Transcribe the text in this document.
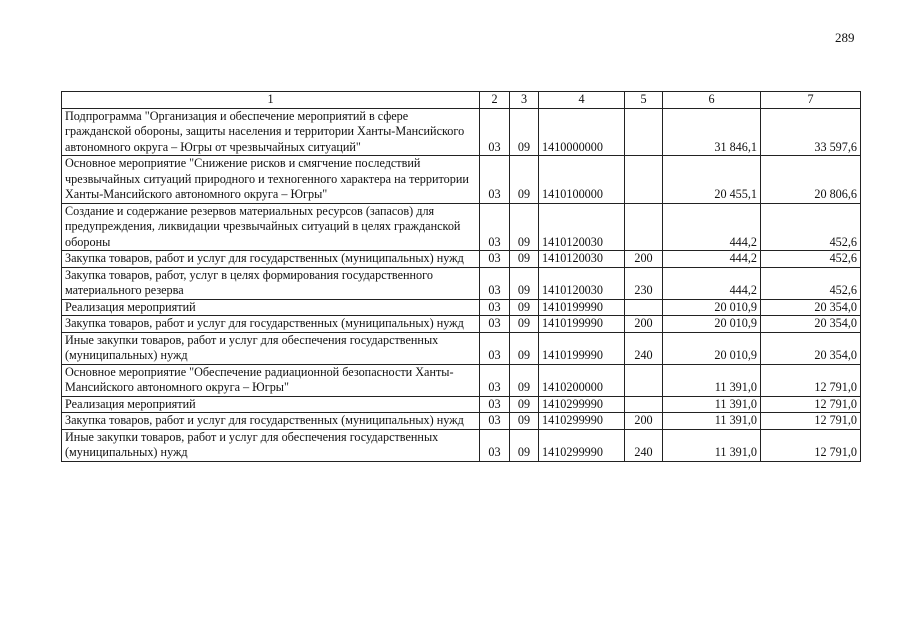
289
1	2	3	4	5	6	7
Подпрограмма "Организация и обеспечение мероприятий в сфере гражданской обороны, защиты населения и территории Ханты-Мансийского автономного округа – Югры от чрезвычайных ситуаций"	03	09	1410000000		31 846,1	33 597,6
Основное мероприятие "Снижение рисков и смягчение последствий чрезвычайных ситуаций природного и техногенного характера на территории Ханты-Мансийского автономного округа – Югры"	03	09	1410100000		20 455,1	20 806,6
Создание и содержание резервов материальных ресурсов (запасов) для предупреждения, ликвидации чрезвычайных ситуаций в целях гражданской обороны	03	09	1410120030		444,2	452,6
Закупка товаров, работ и услуг для государственных (муниципальных) нужд	03	09	1410120030	200	444,2	452,6
Закупка товаров, работ, услуг в целях формирования государственного материального резерва	03	09	1410120030	230	444,2	452,6
Реализация мероприятий	03	09	1410199990		20 010,9	20 354,0
Закупка товаров, работ и услуг для государственных (муниципальных) нужд	03	09	1410199990	200	20 010,9	20 354,0
Иные закупки товаров, работ и услуг для обеспечения государственных (муниципальных) нужд	03	09	1410199990	240	20 010,9	20 354,0
Основное мероприятие "Обеспечение радиационной безопасности Ханты-Мансийского автономного округа – Югры"	03	09	1410200000		11 391,0	12 791,0
Реализация мероприятий	03	09	1410299990		11 391,0	12 791,0
Закупка товаров, работ и услуг для государственных (муниципальных) нужд	03	09	1410299990	200	11 391,0	12 791,0
Иные закупки товаров, работ и услуг для обеспечения государственных (муниципальных) нужд	03	09	1410299990	240	11 391,0	12 791,0
